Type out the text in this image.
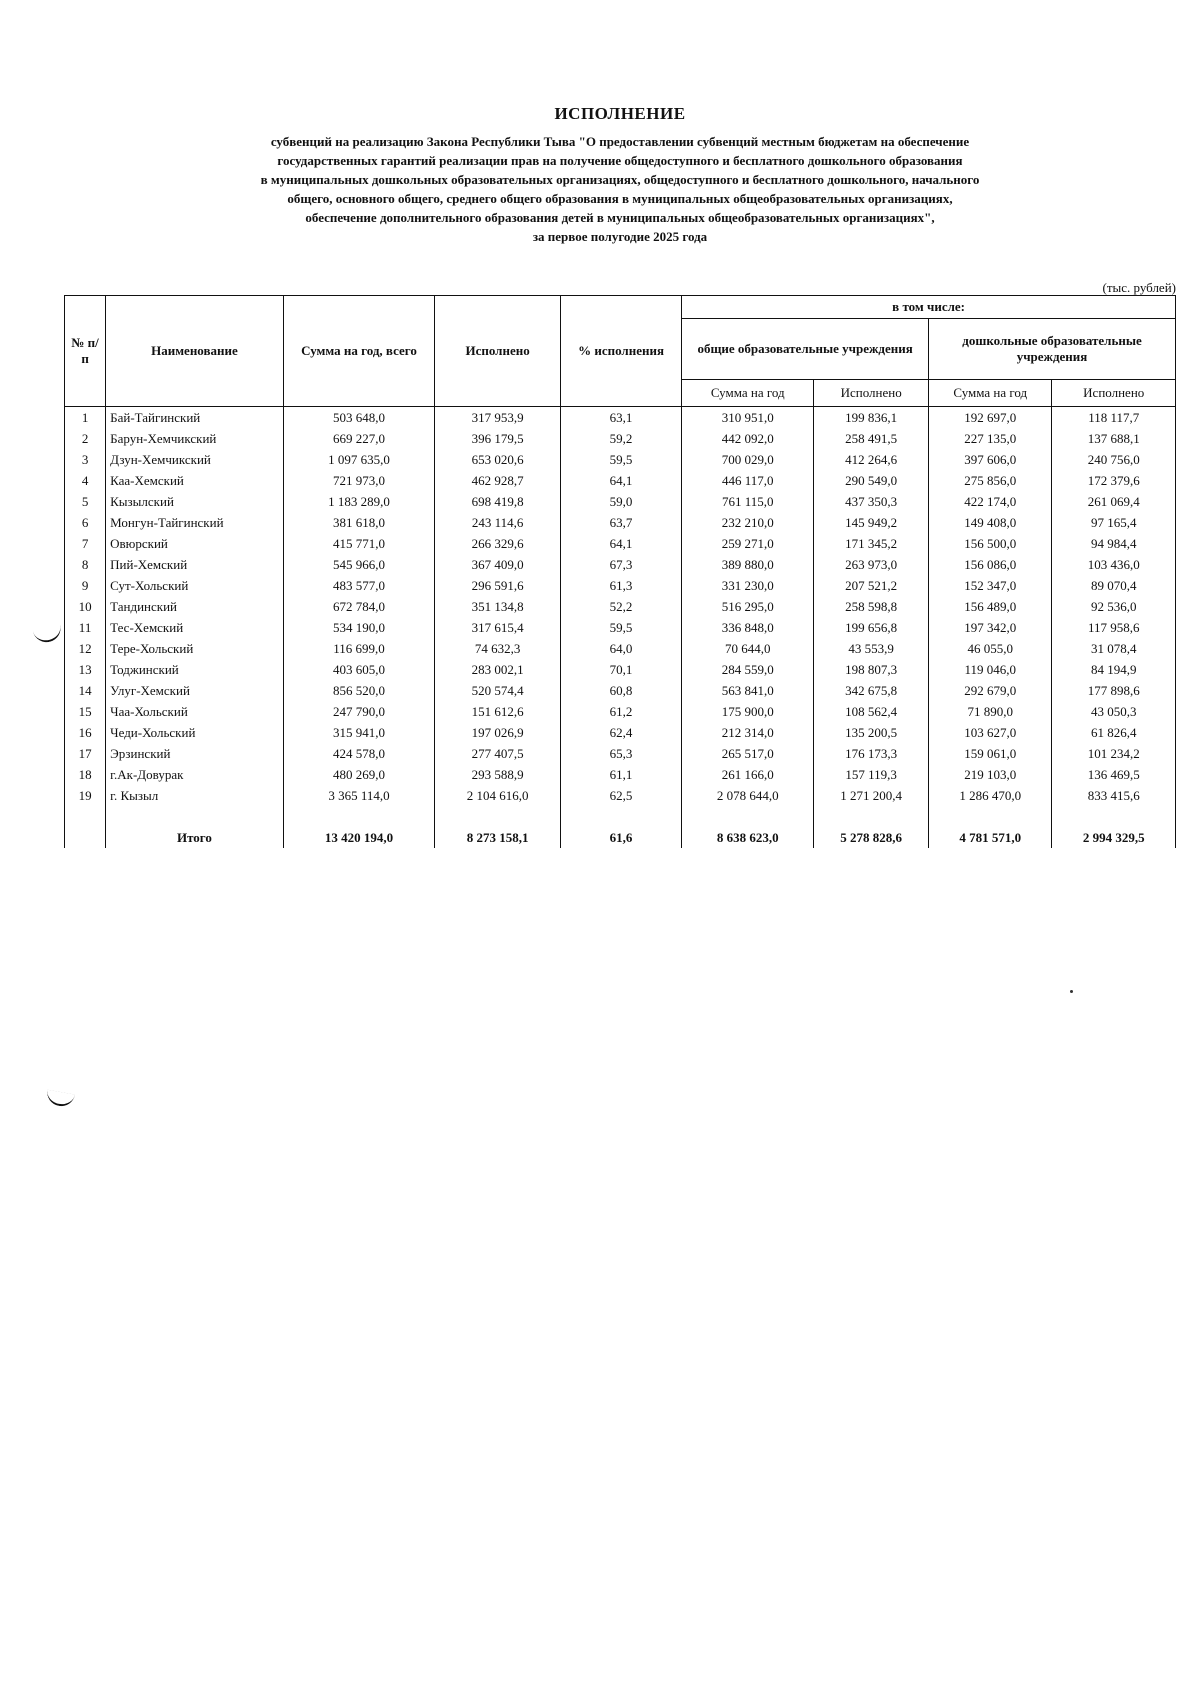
ИСПОЛНЕНИЕ
субвенций на реализацию Закона Республики Тыва "О предоставлении субвенций местным бюджетам на обеспечение
государственных гарантий реализации прав на получение общедоступного и бесплатного дошкольного образования
в муниципальных дошкольных образовательных организациях, общедоступного и бесплатного дошкольного, начального
общего, основного общего, среднего общего образования в муниципальных общеобразовательных организациях,
обеспечение дополнительного образования детей в муниципальных общеобразовательных организациях",
за первое полугодие 2025 года
(тыс. рублей)
№ п/п	Наименование	Сумма на год, всего	Исполнено	% исполнения	в том числе:			
					общие образовательные учреждения		дошкольные образовательные учреждения	
					Сумма на год	Исполнено	Сумма на год	Исполнено
1	Бай-Тайгинский	503 648,0	317 953,9	63,1	310 951,0	199 836,1	192 697,0	118 117,7
2	Барун-Хемчикский	669 227,0	396 179,5	59,2	442 092,0	258 491,5	227 135,0	137 688,1
3	Дзун-Хемчикский	1 097 635,0	653 020,6	59,5	700 029,0	412 264,6	397 606,0	240 756,0
4	Каа-Хемский	721 973,0	462 928,7	64,1	446 117,0	290 549,0	275 856,0	172 379,6
5	Кызылский	1 183 289,0	698 419,8	59,0	761 115,0	437 350,3	422 174,0	261 069,4
6	Монгун-Тайгинский	381 618,0	243 114,6	63,7	232 210,0	145 949,2	149 408,0	97 165,4
7	Овюрский	415 771,0	266 329,6	64,1	259 271,0	171 345,2	156 500,0	94 984,4
8	Пий-Хемский	545 966,0	367 409,0	67,3	389 880,0	263 973,0	156 086,0	103 436,0
9	Сут-Хольский	483 577,0	296 591,6	61,3	331 230,0	207 521,2	152 347,0	89 070,4
10	Тандинский	672 784,0	351 134,8	52,2	516 295,0	258 598,8	156 489,0	92 536,0
11	Тес-Хемский	534 190,0	317 615,4	59,5	336 848,0	199 656,8	197 342,0	117 958,6
12	Тере-Хольский	116 699,0	74 632,3	64,0	70 644,0	43 553,9	46 055,0	31 078,4
13	Тоджинский	403 605,0	283 002,1	70,1	284 559,0	198 807,3	119 046,0	84 194,9
14	Улуг-Хемский	856 520,0	520 574,4	60,8	563 841,0	342 675,8	292 679,0	177 898,6
15	Чаа-Хольский	247 790,0	151 612,6	61,2	175 900,0	108 562,4	71 890,0	43 050,3
16	Чеди-Хольский	315 941,0	197 026,9	62,4	212 314,0	135 200,5	103 627,0	61 826,4
17	Эрзинский	424 578,0	277 407,5	65,3	265 517,0	176 173,3	159 061,0	101 234,2
18	г.Ак-Довурак	480 269,0	293 588,9	61,1	261 166,0	157 119,3	219 103,0	136 469,5
19	г. Кызыл	3 365 114,0	2 104 616,0	62,5	2 078 644,0	1 271 200,4	1 286 470,0	833 415,6

	Итого	13 420 194,0	8 273 158,1	61,6	8 638 623,0	5 278 828,6	4 781 571,0	2 994 329,5
